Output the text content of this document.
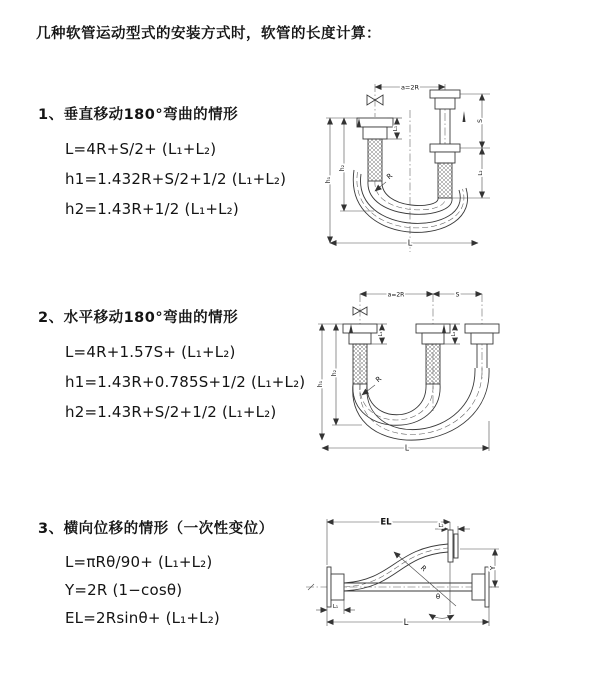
几种软管运动型式的安装方式时，软管的长度计算：
1、垂直移动180°弯曲的情形
L=4R+S/2+ (L₁+L₂)
h1=1.432R+S/2+1/2 (L₁+L₂)
h2=1.43R+1/2 (L₁+L₂)
a=2R
h₁
h₂
L₁
S
L₂
L
R
2、水平移动180°弯曲的情形
L=4R+1.57S+ (L₁+L₂)
h1=1.43R+0.785S+1/2 (L₁+L₂)
h2=1.43R+S/2+1/2 (L₁+L₂)
a=2R	S
h₁
h₂
L₁	L₂
L
R
3、横向位移的情形（一次性变位）
L=πRθ/90+ (L₁+L₂)
Y=2R (1−cosθ)
EL=2Rsinθ+ (L₁+L₂)
EL	L₂
Y
R
θ
L
L₁
